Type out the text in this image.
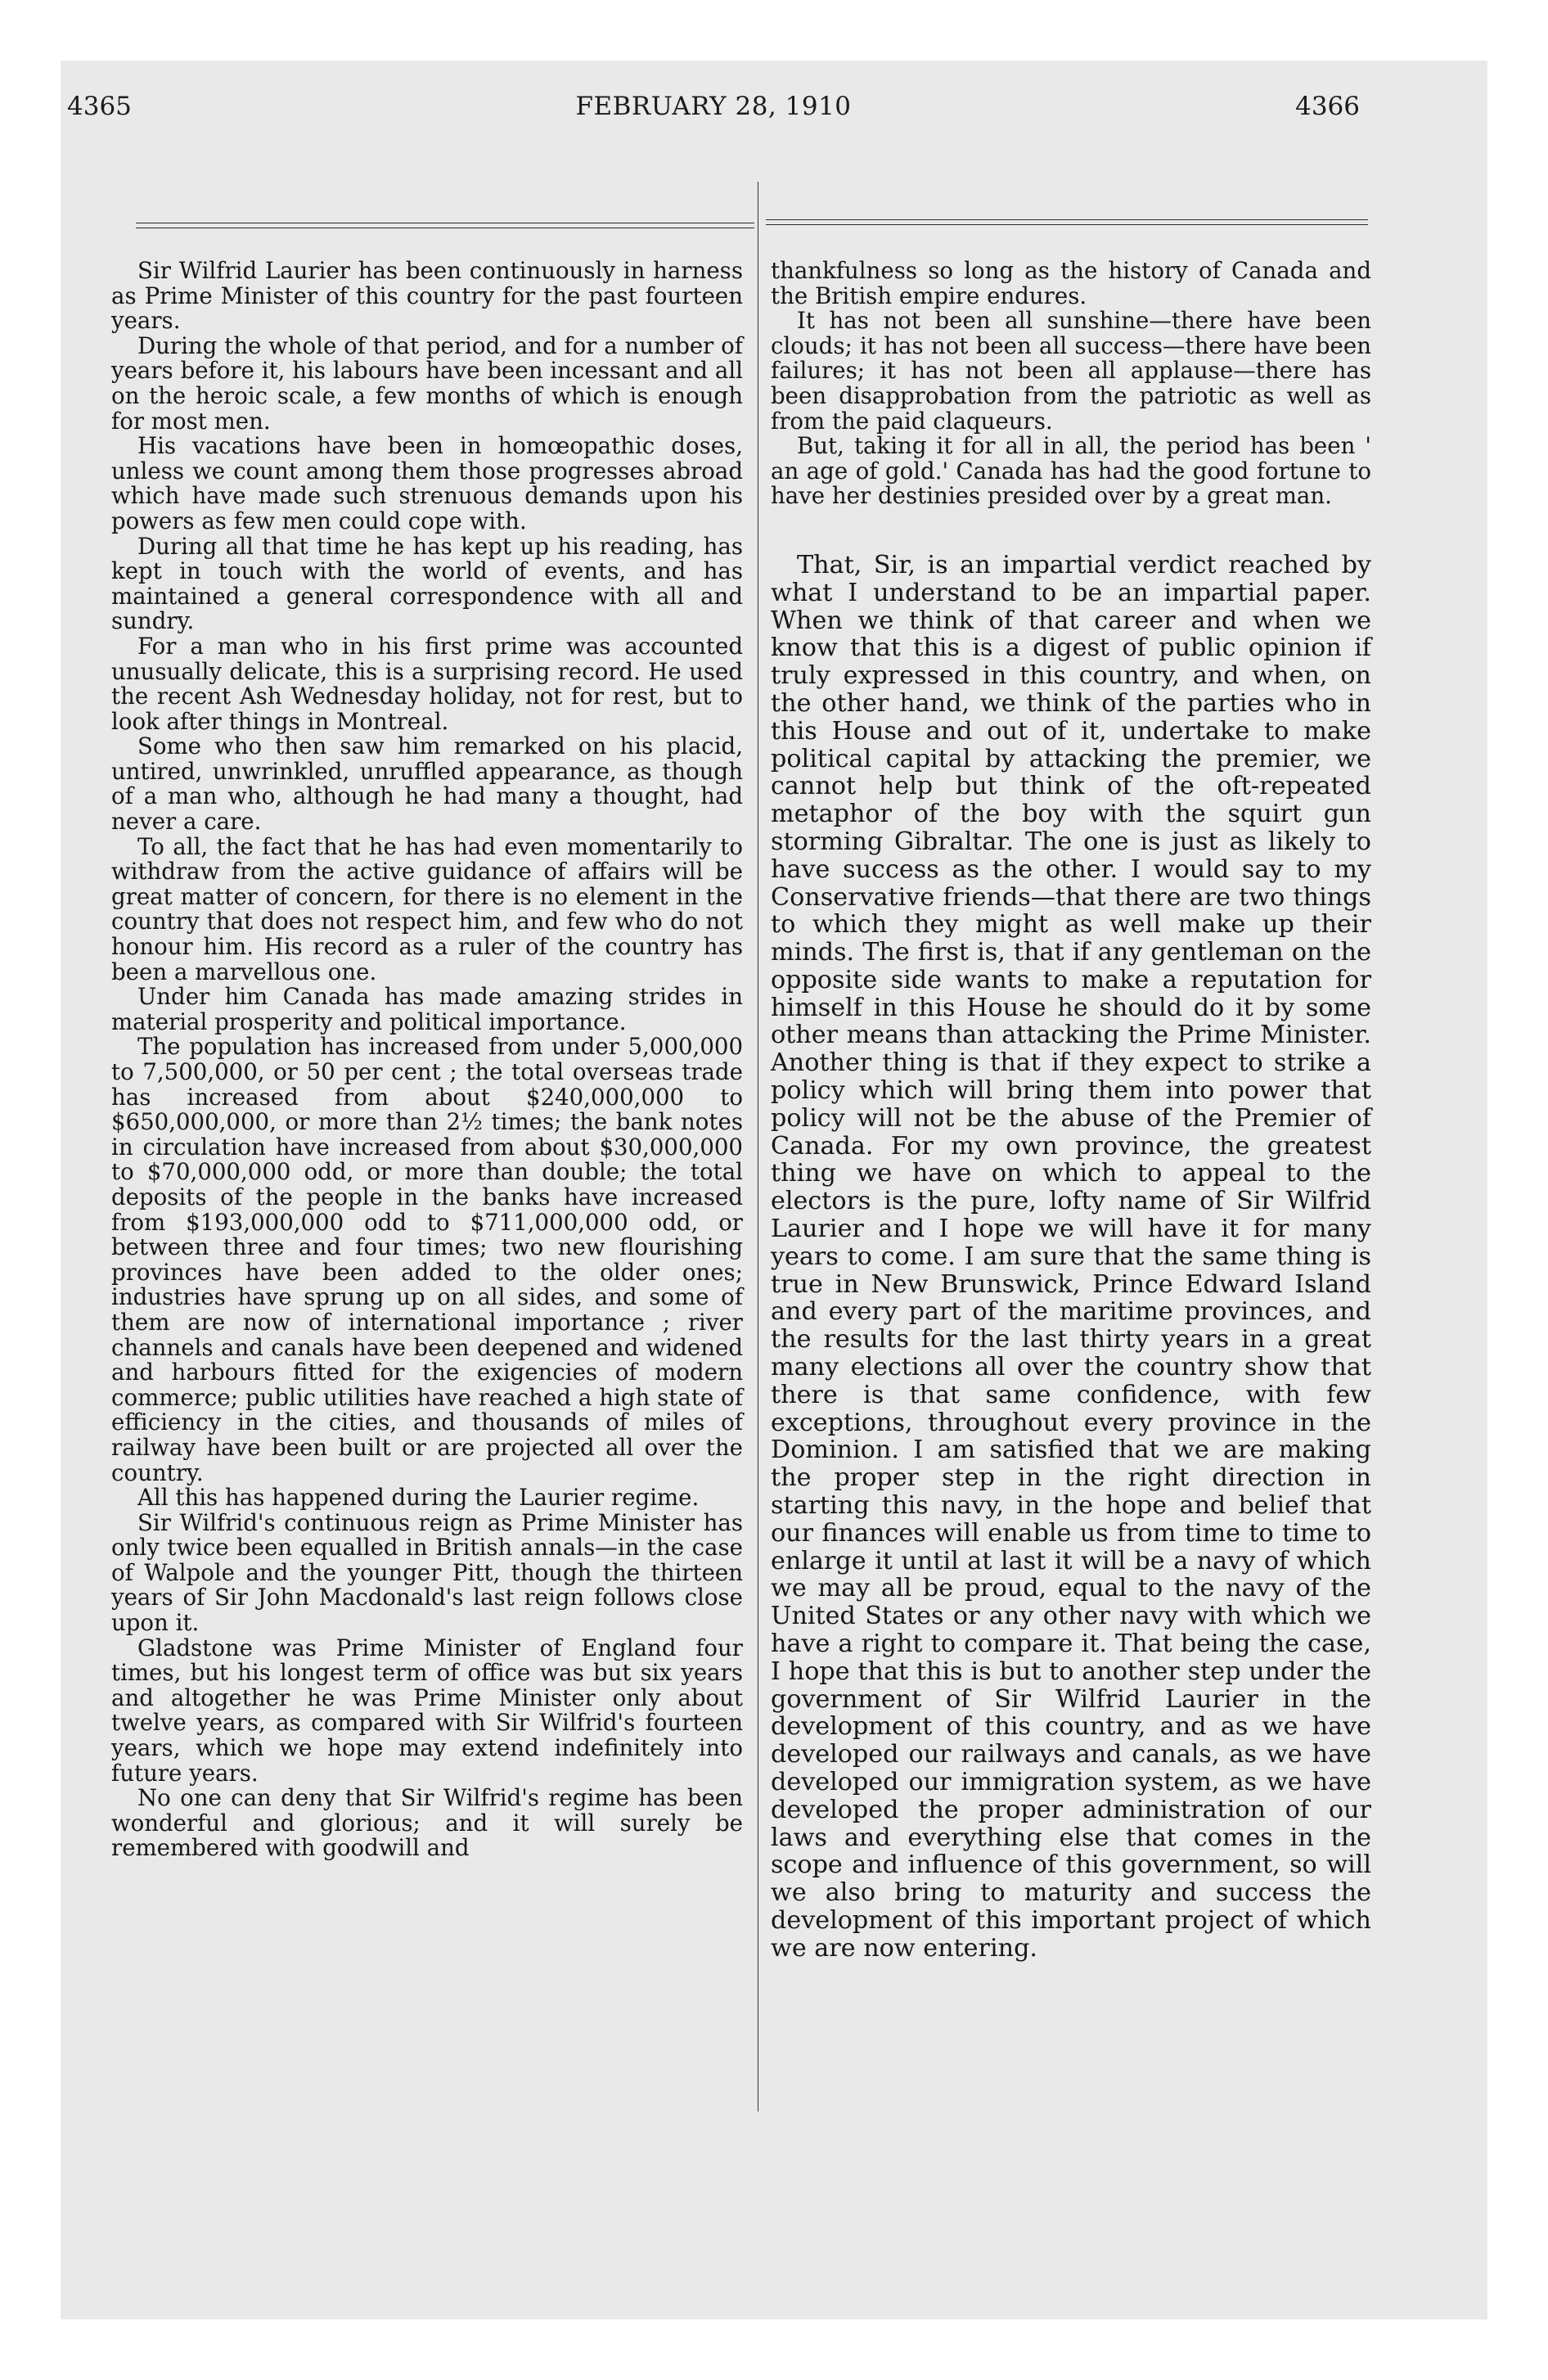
4365	FEBRUARY 28, 1910	4366

Sir Wilfrid Laurier has been continuously in harness as Prime Minister of this country for the past fourteen years.

During the whole of that period, and for a number of years before it, his labours have been incessant and all on the heroic scale, a few months of which is enough for most men.

His vacations have been in homœopathic doses, unless we count among them those progresses abroad which have made such strenuous demands upon his powers as few men could cope with.

During all that time he has kept up his reading, has kept in touch with the world of events, and has maintained a general correspondence with all and sundry.

For a man who in his first prime was accounted unusually delicate, this is a surprising record. He used the recent Ash Wednesday holiday, not for rest, but to look after things in Montreal.

Some who then saw him remarked on his placid, untired, unwrinkled, unruffled appearance, as though of a man who, although he had many a thought, had never a care.

To all, the fact that he has had even momentarily to withdraw from the active guidance of affairs will be great matter of concern, for there is no element in the country that does not respect him, and few who do not honour him. His record as a ruler of the country has been a marvellous one.

Under him Canada has made amazing strides in material prosperity and political importance.

The population has increased from under 5,000,000 to 7,500,000, or 50 per cent ; the total overseas trade has increased from about $240,000,000 to $650,000,000, or more than 2½ times; the bank notes in circulation have increased from about $30,000,000 to $70,000,000 odd, or more than double; the total deposits of the people in the banks have increased from $193,000,000 odd to $711,000,000 odd, or between three and four times; two new flourishing provinces have been added to the older ones; industries have sprung up on all sides, and some of them are now of international importance ; river channels and canals have been deepened and widened and harbours fitted for the exigencies of modern commerce; public utilities have reached a high state of efficiency in the cities, and thousands of miles of railway have been built or are projected all over the country.

All this has happened during the Laurier regime.

Sir Wilfrid's continuous reign as Prime Minister has only twice been equalled in British annals—in the case of Walpole and the younger Pitt, though the thirteen years of Sir John Macdonald's last reign follows close upon it.

Gladstone was Prime Minister of England four times, but his longest term of office was but six years and altogether he was Prime Minister only about twelve years, as compared with Sir Wilfrid's fourteen years, which we hope may extend indefinitely into future years.

No one can deny that Sir Wilfrid's regime has been wonderful and glorious; and it will surely be remembered with goodwill and

thankfulness so long as the history of Canada and the British empire endures.

It has not been all sunshine—there have been clouds; it has not been all success—there have been failures; it has not been all applause—there has been disapprobation from the patriotic as well as from the paid claqueurs.

But, taking it for all in all, the period has been ' an age of gold.' Canada has had the good fortune to have her destinies presided over by a great man.

That, Sir, is an impartial verdict reached by what I understand to be an impartial paper. When we think of that career and when we know that this is a digest of public opinion if truly expressed in this country, and when, on the other hand, we think of the parties who in this House and out of it, undertake to make political capital by attacking the premier, we cannot help but think of the oft-repeated metaphor of the boy with the squirt gun storming Gibraltar. The one is just as likely to have success as the other. I would say to my Conservative friends—that there are two things to which they might as well make up their minds. The first is, that if any gentleman on the opposite side wants to make a reputation for himself in this House he should do it by some other means than attacking the Prime Minister. Another thing is that if they expect to strike a policy which will bring them into power that policy will not be the abuse of the Premier of Canada. For my own province, the greatest thing we have on which to appeal to the electors is the pure, lofty name of Sir Wilfrid Laurier and I hope we will have it for many years to come. I am sure that the same thing is true in New Brunswick, Prince Edward Island and every part of the maritime provinces, and the results for the last thirty years in a great many elections all over the country show that there is that same confidence, with few exceptions, throughout every province in the Dominion. I am satisfied that we are making the proper step in the right direction in starting this navy, in the hope and belief that our finances will enable us from time to time to enlarge it until at last it will be a navy of which we may all be proud, equal to the navy of the United States or any other navy with which we have a right to compare it. That being the case, I hope that this is but to another step under the government of Sir Wilfrid Laurier in the development of this country, and as we have developed our railways and canals, as we have developed our immigration system, as we have developed the proper administration of our laws and everything else that comes in the scope and influence of this government, so will we also bring to maturity and success the development of this important project of which we are now entering.
